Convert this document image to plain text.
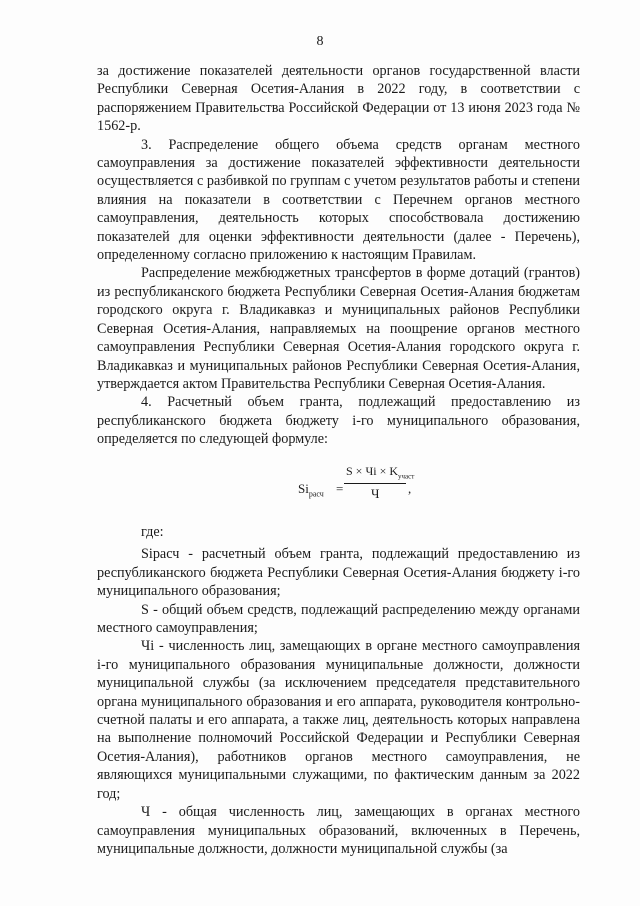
8

за достижение показателей деятельности органов государственной власти Республики Северная Осетия-Алания в 2022 году, в соответствии с распоряжением Правительства Российской Федерации от 13 июня 2023 года № 1562-р.

3. Распределение общего объема средств органам местного самоуправления за достижение показателей эффективности деятельности осуществляется с разбивкой по группам с учетом результатов работы и степени влияния на показатели в соответствии с Перечнем органов местного самоуправления, деятельность которых способствовала достижению показателей для оценки эффективности деятельности (далее - Перечень), определенному согласно приложению к настоящим Правилам.

Распределение межбюджетных трансфертов в форме дотаций (грантов) из республиканского бюджета Республики Северная Осетия-Алания бюджетам городского округа г. Владикавказ и муниципальных районов Республики Северная Осетия-Алания, направляемых на поощрение органов местного самоуправления Республики Северная Осетия-Алания городского округа г. Владикавказ и муниципальных районов Республики Северная Осетия-Алания, утверждается актом Правительства Республики Северная Осетия-Алания.

4. Расчетный объем гранта, подлежащий предоставлению из республиканского бюджета бюджету i-го муниципального образования, определяется по следующей формуле:

$Si_{расч}$ =
S × Чi × $K_{участ}$
Ч ,

где:

Siрасч - расчетный объем гранта, подлежащий предоставлению из республиканского бюджета Республики Северная Осетия-Алания бюджету i-го муниципального образования;

S - общий объем средств, подлежащий распределению между органами местного самоуправления;

Чi - численность лиц, замещающих в органе местного самоуправления i-го муниципального образования муниципальные должности, должности муниципальной службы (за исключением председателя представительного органа муниципального образования и его аппарата, руководителя контрольно-счетной палаты и его аппарата, а также лиц, деятельность которых направлена на выполнение полномочий Российской Федерации и Республики Северная Осетия-Алания), работников органов местного самоуправления, не являющихся муниципальными служащими, по фактическим данным за 2022 год;

Ч - общая численность лиц, замещающих в органах местного самоуправления муниципальных образований, включенных в Перечень, муниципальные должности, должности муниципальной службы (за
